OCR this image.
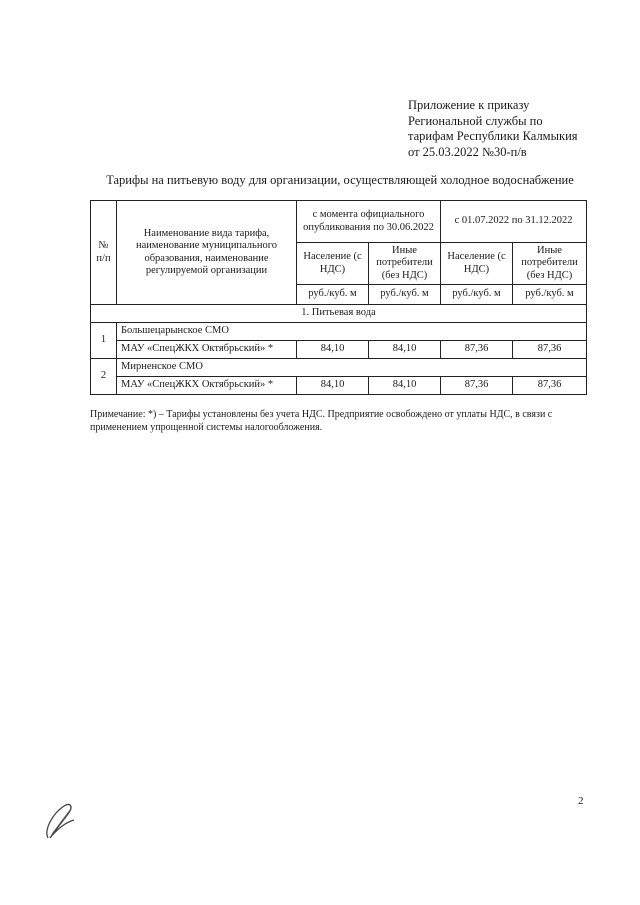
Приложение к приказу
Региональной службы по
тарифам Республики Калмыкия
от 25.03.2022 №30-п/в
Тарифы на питьевую воду для организации, осуществляющей холодное водоснабжение
№ п/п	Наименование вида тарифа, наименование муниципального образования, наименование регулируемой организации	с момента официального опубликования по 30.06.2022		с 01.07.2022 по 31.12.2022	
		Население (с НДС)	Иные потребители (без НДС)	Население (с НДС)	Иные потребители (без НДС)
		руб./куб. м	руб./куб. м	руб./куб. м	руб./куб. м
1. Питьевая вода					
1	Большецарынское СМО				
	МАУ «СпецЖКХ Октябрьский» *	84,10	84,10	87,36	87,36
2	Мирненское СМО				
	МАУ «СпецЖКХ Октябрьский» *	84,10	84,10	87,36	87,36
Примечание: *) – Тарифы установлены без учета НДС. Предприятие освобождено от уплаты НДС, в связи с применением упрощенной системы налогообложения.
2
